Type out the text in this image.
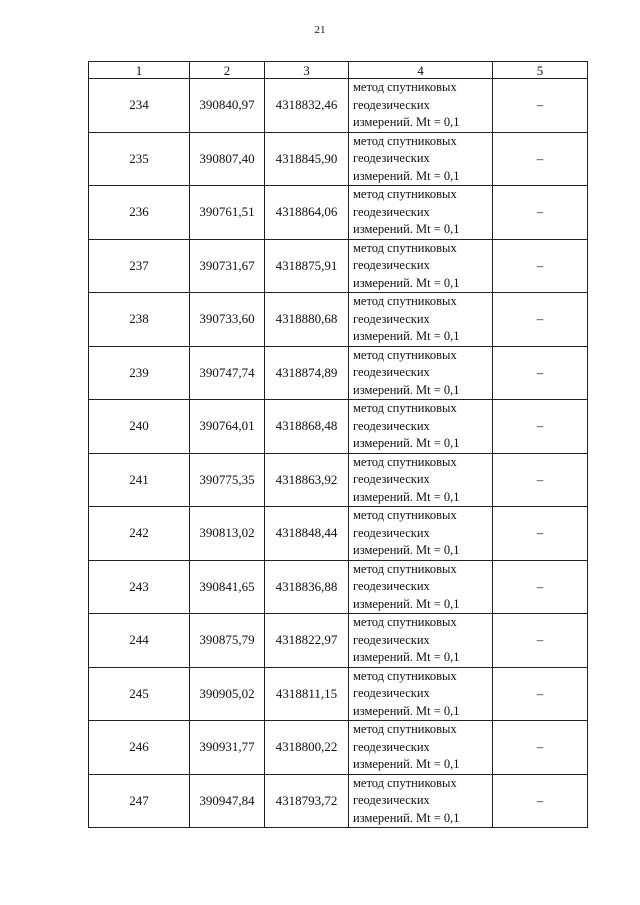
21
1	2	3	4	5
234	390840,97	4318832,46	метод спутниковых
геодезических
измерений. Mt = 0,1	–
235	390807,40	4318845,90	метод спутниковых
геодезических
измерений. Mt = 0,1	–
236	390761,51	4318864,06	метод спутниковых
геодезических
измерений. Mt = 0,1	–
237	390731,67	4318875,91	метод спутниковых
геодезических
измерений. Mt = 0,1	–
238	390733,60	4318880,68	метод спутниковых
геодезических
измерений. Mt = 0,1	–
239	390747,74	4318874,89	метод спутниковых
геодезических
измерений. Mt = 0,1	–
240	390764,01	4318868,48	метод спутниковых
геодезических
измерений. Mt = 0,1	–
241	390775,35	4318863,92	метод спутниковых
геодезических
измерений. Mt = 0,1	–
242	390813,02	4318848,44	метод спутниковых
геодезических
измерений. Mt = 0,1	–
243	390841,65	4318836,88	метод спутниковых
геодезических
измерений. Mt = 0,1	–
244	390875,79	4318822,97	метод спутниковых
геодезических
измерений. Mt = 0,1	–
245	390905,02	4318811,15	метод спутниковых
геодезических
измерений. Mt = 0,1	–
246	390931,77	4318800,22	метод спутниковых
геодезических
измерений. Mt = 0,1	–
247	390947,84	4318793,72	метод спутниковых
геодезических
измерений. Mt = 0,1	–
